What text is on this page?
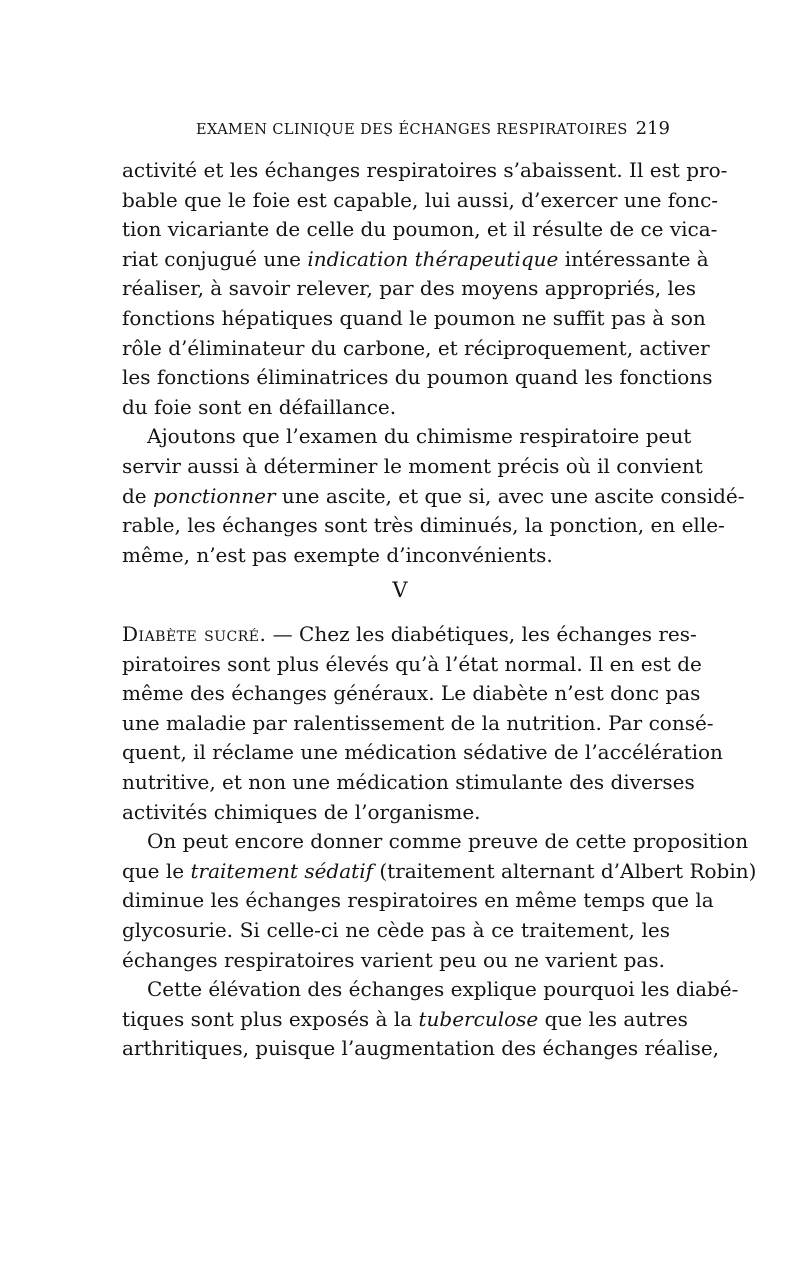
EXAMEN CLINIQUE DES ÉCHANGES RESPIRATOIRES 219
activité et les échanges respiratoires s’abaissent. Il est pro-
bable que le foie est capable, lui aussi, d’exercer une fonc-
tion vicariante de celle du poumon, et il résulte de ce vica-
riat conjugué une indication thérapeutique intéressante à
réaliser, à savoir relever, par des moyens appropriés, les
fonctions hépatiques quand le poumon ne suffit pas à son
rôle d’éliminateur du carbone, et réciproquement, activer
les fonctions éliminatrices du poumon quand les fonctions
du foie sont en défaillance.
Ajoutons que l’examen du chimisme respiratoire peut
servir aussi à déterminer le moment précis où il convient
de ponctionner une ascite, et que si, avec une ascite considé-
rable, les échanges sont très diminués, la ponction, en elle-
même, n’est pas exempte d’inconvénients.
V
Diabète sucré. — Chez les diabétiques, les échanges res-
piratoires sont plus élevés qu’à l’état normal. Il en est de
même des échanges généraux. Le diabète n’est donc pas
une maladie par ralentissement de la nutrition. Par consé-
quent, il réclame une médication sédative de l’accélération
nutritive, et non une médication stimulante des diverses
activités chimiques de l’organisme.
On peut encore donner comme preuve de cette proposition
que le traitement sédatif (traitement alternant d’Albert Robin)
diminue les échanges respiratoires en même temps que la
glycosurie. Si celle-ci ne cède pas à ce traitement, les
échanges respiratoires varient peu ou ne varient pas.
Cette élévation des échanges explique pourquoi les diabé-
tiques sont plus exposés à la tuberculose que les autres
arthritiques, puisque l’augmentation des échanges réalise,
